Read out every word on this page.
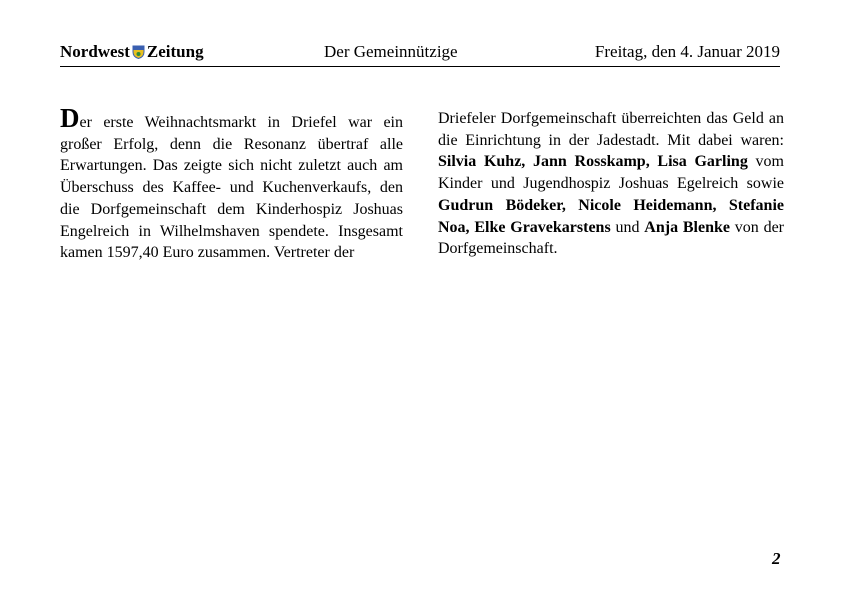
Nordwest Zeitung	Der Gemeinnützige	Freitag, den 4. Januar 2019
Der erste Weihnachtsmarkt in Driefel war ein großer Erfolg, denn die Resonanz übertraf alle Erwartungen. Das zeigte sich nicht zuletzt auch am Überschuss des Kaffee- und Kuchenverkaufs, den die Dorfgemeinschaft dem Kinderhospiz Joshuas Engelreich in Wilhelmshaven spendete. Insgesamt kamen 1597,40 Euro zusammen. Vertreter der
Driefeler Dorfgemeinschaft überreichten das Geld an die Einrichtung in der Jadestadt. Mit dabei waren: Silvia Kuhz, Jann Rosskamp, Lisa Garling vom Kinder und Jugendhospiz Joshuas Egelreich sowie Gudrun Bödeker, Nicole Heidemann, Stefanie Noa, Elke Gravekarstens und Anja Blenke von der Dorfgemeinschaft.
2
